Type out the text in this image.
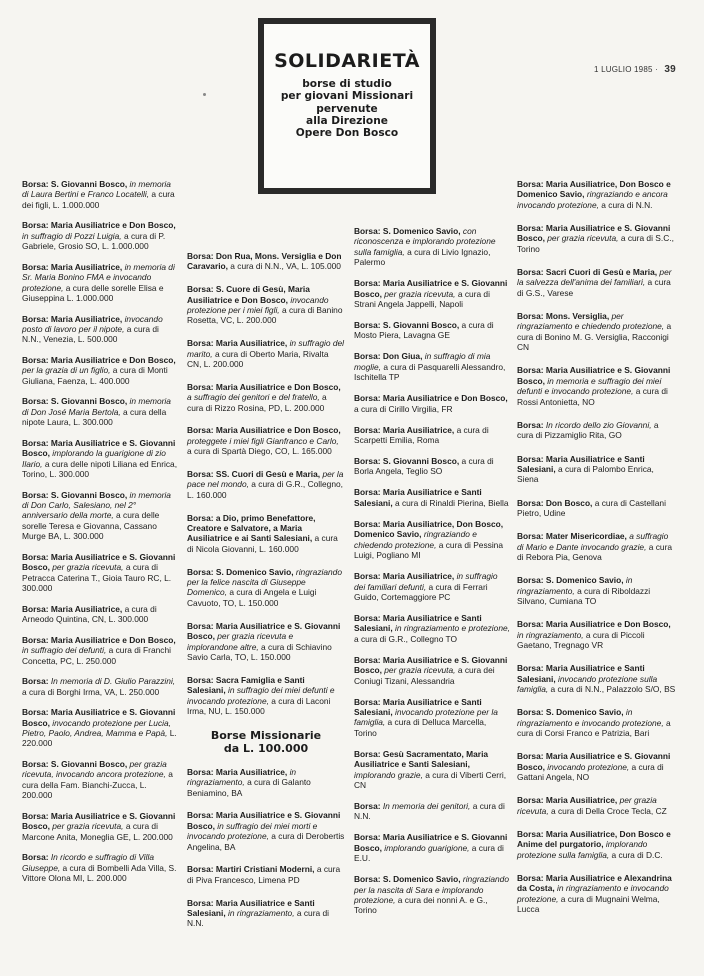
SOLIDARIETÀ
borse di studio
per giovani Missionari
pervenute
alla Direzione
Opere Don Bosco
1 LUGLIO 1985 · 39
Borsa: S. Giovanni Bosco, in memoria di Laura Bertini e Franco Locatelli, a cura dei figli, L. 1.000.000
Borsa: Maria Ausiliatrice e Don Bosco, in suffragio di Pozzi Luigia, a cura di P. Gabriele, Grosio SO, L. 1.000.000
Borsa: Maria Ausiliatrice, in memoria di Sr. Maria Bonino FMA e invocando protezione, a cura delle sorelle Elisa e Giuseppina L. 1.000.000
Borsa: Maria Ausiliatrice, invocando posto di lavoro per il nipote, a cura di N.N., Venezia, L. 500.000
Borsa: Maria Ausiliatrice e Don Bosco, per la grazia di un figlio, a cura di Monti Giuliana, Faenza, L. 400.000
Borsa: S. Giovanni Bosco, in memoria di Don José Maria Bertola, a cura della nipote Laura, L. 300.000
Borsa: Maria Ausiliatrice e S. Giovanni Bosco, implorando la guarigione di zio Ilario, a cura delle nipoti Liliana ed Enrica, Torino, L. 300.000
Borsa: S. Giovanni Bosco, in memoria di Don Carlo, Salesiano, nel 2° anniversario della morte, a cura delle sorelle Teresa e Giovanna, Cassano Murge BA, L. 300.000
Borsa: Maria Ausiliatrice e S. Giovanni Bosco, per grazia ricevuta, a cura di Petracca Caterina T., Gioia Tauro RC, L. 300.000
Borsa: Maria Ausiliatrice, a cura di Arneodo Quintina, CN, L. 300.000
Borsa: Maria Ausiliatrice e Don Bosco, in suffragio dei defunti, a cura di Franchi Concetta, PC, L. 250.000
Borsa: In memoria di D. Giulio Parazzini, a cura di Borghi Irma, VA, L. 250.000
Borsa: Maria Ausiliatrice e S. Giovanni Bosco, invocando protezione per Lucia, Pietro, Paolo, Andrea, Mamma e Papà, L. 220.000
Borsa: S. Giovanni Bosco, per grazia ricevuta, invocando ancora protezione, a cura della Fam. Bianchi-Zucca, L. 200.000
Borsa: Maria Ausiliatrice e S. Giovanni Bosco, per grazia ricevuta, a cura di Marcone Anita, Moneglia GE, L. 200.000
Borsa: In ricordo e suffragio di Villa Giuseppe, a cura di Bombelli Ada Villa, S. Vittore Olona MI, L. 200.000
Borsa: Don Rua, Mons. Versiglia e Don Caravario, a cura di N.N., VA, L. 105.000
Borsa: S. Cuore di Gesù, Maria Ausiliatrice e Don Bosco, invocando protezione per i miei figli, a cura di Banino Rosetta, VC, L. 200.000
Borsa: Maria Ausiliatrice, in suffragio del marito, a cura di Oberto Maria, Rivalta CN, L. 200.000
Borsa: Maria Ausiliatrice e Don Bosco, a suffragio dei genitori e del fratello, a cura di Rizzo Rosina, PD, L. 200.000
Borsa: Maria Ausiliatrice e Don Bosco, proteggete i miei figli Gianfranco e Carlo, a cura di Spartà Diego, CO, L. 165.000
Borsa: SS. Cuori di Gesù e Maria, per la pace nel mondo, a cura di G.R., Collegno, L. 160.000
Borsa: a Dio, primo Benefattore, Creatore e Salvatore, a Maria Ausiliatrice e ai Santi Salesiani, a cura di Nicola Giovanni, L. 160.000
Borsa: S. Domenico Savio, ringraziando per la felice nascita di Giuseppe Domenico, a cura di Angela e Luigi Cavuoto, TO, L. 150.000
Borsa: Maria Ausiliatrice e S. Giovanni Bosco, per grazia ricevuta e implorandone altre, a cura di Schiavino Savio Carla, TO, L. 150.000
Borsa: Sacra Famiglia e Santi Salesiani, in suffragio dei miei defunti e invocando protezione, a cura di Laconi Irma, NU, L. 150.000
Borse Missionarie
da L. 100.000
Borsa: Maria Ausiliatrice, in ringraziamento, a cura di Galanto Beniamino, BA
Borsa: Maria Ausiliatrice e S. Giovanni Bosco, in suffragio dei miei morti e invocando protezione, a cura di Derobertis Angelina, BA
Borsa: Martiri Cristiani Moderni, a cura di Piva Francesco, Limena PD
Borsa: Maria Ausiliatrice e Santi Salesiani, in ringraziamento, a cura di N.N.
Borsa: S. Domenico Savio, con riconoscenza e implorando protezione sulla famiglia, a cura di Livio Ignazio, Palermo
Borsa: Maria Ausiliatrice e S. Giovanni Bosco, per grazia ricevuta, a cura di Strani Angela Jappelli, Napoli
Borsa: S. Giovanni Bosco, a cura di Mosto Piera, Lavagna GE
Borsa: Don Giua, in suffragio di mia moglie, a cura di Pasquarelli Alessandro, Ischitella TP
Borsa: Maria Ausiliatrice e Don Bosco, a cura di Cirillo Virgilia, FR
Borsa: Maria Ausiliatrice, a cura di Scarpetti Emilia, Roma
Borsa: S. Giovanni Bosco, a cura di Borla Angela, Teglio SO
Borsa: Maria Ausiliatrice e Santi Salesiani, a cura di Rinaldi Pierina, Biella
Borsa: Maria Ausiliatrice, Don Bosco, Domenico Savio, ringraziando e chiedendo protezione, a cura di Pessina Luigi, Pogliano MI
Borsa: Maria Ausiliatrice, in suffragio dei familiari defunti, a cura di Ferrari Guido, Cortemaggiore PC
Borsa: Maria Ausiliatrice e Santi Salesiani, in ringraziamento e protezione, a cura di G.R., Collegno TO
Borsa: Maria Ausiliatrice e S. Giovanni Bosco, per grazia ricevuta, a cura dei Coniugi Tizani, Alessandria
Borsa: Maria Ausiliatrice e Santi Salesiani, invocando protezione per la famiglia, a cura di Delluca Marcella, Torino
Borsa: Gesù Sacramentato, Maria Ausiliatrice e Santi Salesiani, implorando grazie, a cura di Viberti Cerri, CN
Borsa: In memoria dei genitori, a cura di N.N.
Borsa: Maria Ausiliatrice e S. Giovanni Bosco, implorando guarigione, a cura di E.U.
Borsa: S. Domenico Savio, ringraziando per la nascita di Sara e implorando protezione, a cura dei nonni A. e G., Torino
Borsa: Maria Ausiliatrice, Don Bosco e Domenico Savio, ringraziando e ancora invocando protezione, a cura di N.N.
Borsa: Maria Ausiliatrice e S. Giovanni Bosco, per grazia ricevuta, a cura di S.C., Torino
Borsa: Sacri Cuori di Gesù e Maria, per la salvezza dell'anima dei familiari, a cura di G.S., Varese
Borsa: Mons. Versiglia, per ringraziamento e chiedendo protezione, a cura di Bonino M. G. Versiglia, Racconigi CN
Borsa: Maria Ausiliatrice e S. Giovanni Bosco, in memoria e suffragio dei miei defunti e invocando protezione, a cura di Rossi Antonietta, NO
Borsa: In ricordo dello zio Giovanni, a cura di Pizzamiglio Rita, GO
Borsa: Maria Ausiliatrice e Santi Salesiani, a cura di Palombo Enrica, Siena
Borsa: Don Bosco, a cura di Castellani Pietro, Udine
Borsa: Mater Misericordiae, a suffragio di Mario e Dante invocando grazie, a cura di Rebora Pia, Genova
Borsa: S. Domenico Savio, in ringraziamento, a cura di Riboldazzi Silvano, Cumiana TO
Borsa: Maria Ausiliatrice e Don Bosco, in ringraziamento, a cura di Piccoli Gaetano, Tregnago VR
Borsa: Maria Ausiliatrice e Santi Salesiani, invocando protezione sulla famiglia, a cura di N.N., Palazzolo S/O, BS
Borsa: S. Domenico Savio, in ringraziamento e invocando protezione, a cura di Corsi Franco e Patrizia, Bari
Borsa: Maria Ausiliatrice e S. Giovanni Bosco, invocando protezione, a cura di Gattani Angela, NO
Borsa: Maria Ausiliatrice, per grazia ricevuta, a cura di Della Croce Tecla, CZ
Borsa: Maria Ausiliatrice, Don Bosco e Anime del purgatorio, implorando protezione sulla famiglia, a cura di D.C.
Borsa: Maria Ausiliatrice e Alexandrina da Costa, in ringraziamento e invocando protezione, a cura di Mugnaini Welma, Lucca
